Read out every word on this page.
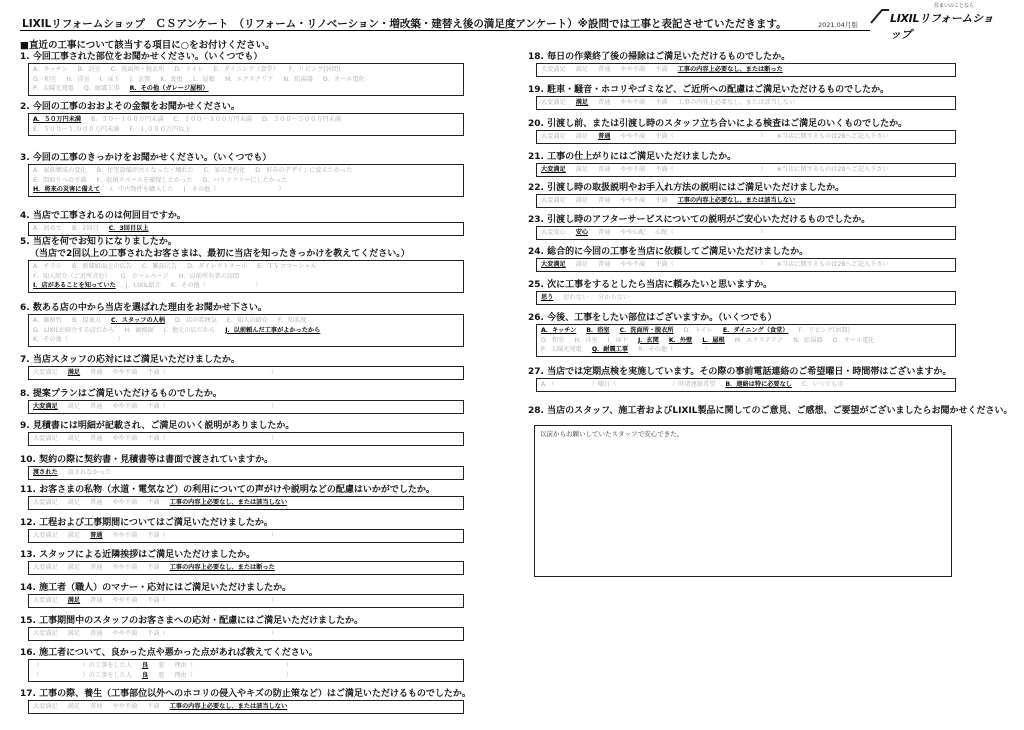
LIXILリフォームショップ　ＣＳアンケート　（リフォーム・リノベーション・増改築・建替え後の満足度アンケート）※設問では工事と表記させていただきます。	2021.04月版
住まいのことなら
LIXILリフォームショップ
■直近の工事について該当する項目に○をお付けください。
1. 今回工事された部位をお聞かせください。（いくつでも）
A．キッチン B．浴室 C．洗面所・脱衣所 D．トイレ E．ダイニング（食堂） F．リビング(居間)
G．和室 H．洋室 I．床下 J．玄関 K．外壁 L．屋根 M．エクステリア N．給湯器 O．オール電化
P．太陽光発電 Q．耐震工事 R．その他（ガレージ屋根）
2. 今回の工事のおおよその金額をお聞かせください。
A．５０万円未満 B．５０～１００万円未満 C．１００～３００万円未満 D．３００～５００万円未満
E．５００～１,０００万円未満 F．１,０００万円以上
3. 今回の工事のきっかけをお聞かせください。（いくつでも）
A．家族構成の変化 B．住宅設備が古くなった・壊れた C．家の老朽化 D．好みのデザインに変えたかった
E．間取りへの不満 F．収納スペースを確保したかった G．バリアフリーにしたかった
H．将来の災害に備えて I．中古物件を購入した J．その他（　　　　　　　　　　）
4. 当店で工事されるのは何回目ですか。
A．初めて B．2回目 C．3回目以上
5. 当店を何でお知りになりましたか。
（当店で2回以上の工事されたお客さまは、最初に当店を知ったきっかけを教えてください。）
A．チラシ B．新聞紙面上の広告 C．雑誌広告 D．ダイレクトメール E．ＴＶコマーシャル
F．知人紹介（ご近所含む） G．ホームページ H．以前所有者の訪問
I．店があることを知っていた J．LIXIL紹介 K．その他（　　　　　　　　）
6. 数ある店の中から当店を選ばれた理由をお聞かせ下さい。
A．価格竹 B．提案力 C．スタッフの人柄 D．店の雰囲気 E．知人の紹介 F．知名度
G．LIXILが紹介する店だから H．価格面 I．地元の店だから J．以前頼んだ工事がよかったから
K．その他（　　　　　　　　）
7. 当店スタッフの応対にはご満足いただけましたか。
大変満足 満足 普通 やや不満 不満（　　　　　　　　　　　　　　　　　）
8. 提案プランはご満足いただけるものでしたか。
大変満足 満足 普通 やや不満 不満（　　　　　　　　　　　　　　　　　）
9. 見積書には明細が記載され、ご満足のいく説明がありましたか。
大変満足 満足 普通 やや不満 不満（　　　　　　　　　　　　　　　　　）
10. 契約の際に契約書・見積書等は書面で渡されていますか。
渡された 渡されなかった
11. お客さまの私物（水道・電気など）の利用についての声がけや説明などの配慮はいかがでしたか。
大変満足 満足 普通 やや不満 不満 工事の内容上必要なし、または該当しない
12. 工程および工事期間についてはご満足いただけましたか。
大変満足 満足 普通 やや不満 不満（　　　　　　　　　　　　　　　　　）
13. スタッフによる近隣挨拶はご満足いただけましたか。
大変満足 満足 普通 やや不満 不満 工事の内容上必要なし、または断った
14. 施工者（職人）のマナー・応対にはご満足いただけましたか。
大変満足 満足 普通 やや不満 不満（　　　　　　　　　　　　　　　　　）
15. 工事期間中のスタッフのお客さまへの応対・配慮にはご満足いただけましたか。
大変満足 満足 普通 やや不満 不満（　　　　　　　　　　　　　　　　　）
16. 施工者について、良かった点や悪かった点があれば教えてください。
（　　　　　　　）の工事をした人 良 悪 理由（　　　　　　　　　　　　　　　）
（　　　　　　　）の工事をした人 良 悪 理由（　　　　　　　　　　　　　　　）
17. 工事の際、養生（工事部位以外へのホコリの侵入やキズの防止策など）はご満足いただけるものでしたか。
大変満足 満足 普通 やや不満 不満 工事の内容上必要なし、または該当しない
18. 毎日の作業終了後の掃除はご満足いただけるものでしたか。
大変満足 満足 普通 やや不満 不満 工事の内容上必要なし、または断った
19. 駐車・騒音・ホコリやゴミなど、ご近所への配慮はご満足いただけるものでしたか。
大変満足 満足 普通 やや不満 不満 工事の内容上必要なし、または該当しない
20. 引渡し前、または引渡し時のスタッフ立ち合いによる検査はご満足のいくものでしたか。
大変満足 満足 普通 やや不満 不満（　　　　　　　　　　　　　　） ※当店に関するものは28へご記入下さい
21. 工事の仕上がりにはご満足いただけましたか。
大変満足 満足 普通 やや不満 不満（　　　　　　　　　　　　　　） ※当店に関するものは28へご記入下さい
22. 引渡し時の取扱説明やお手入れ方法の説明にはご満足いただけましたか。
大変満足 満足 普通 やや不満 不満 工事の内容上必要なし、または該当しない
23. 引渡し時のアフターサービスについての説明がご安心いただけるものでしたか。
大変安心 安心 普通 やや心配 心配（　　　　　　　　　　　　　　）
24. 総合的に今回の工事を当店に依頼してご満足いただけましたか。
大変満足 満足 普通 やや不満 不満（　　　　　　　　　　　　　　） ※当店に関するものは28へご記入下さい
25. 次に工事をするとしたら当店に頼みたいと思いますか。
思う 思わない 分からない
26. 今後、工事をしたい部位はございますか。（いくつでも）
A．キッチン B．浴室 C．洗面所・脱衣所 D．トイレ E．ダイニング（食堂） F．リビング(居間)
G．和室 H．洋室 I．床下 J．玄関 K．外壁 L．屋根 M．エクステリア N．給湯器 O．オール電化
P．太陽光発電 Q．耐震工事 R．その他（　　　　　）
27. 当店では定期点検を実施しています。その際の事前電話連絡のご希望曜日・時間帯はございますか。
A．（　　　　　　）曜日（　　　　　　　　　）時頃連絡希望 B．連絡は特に必要なし C．いつでも可
28. 当店のスタッフ、施工者およびLIXIL製品に関してのご意見、ご感想、ご要望がございましたらお聞かせください。
以前からお願いしていたスタッフで安心できた。
